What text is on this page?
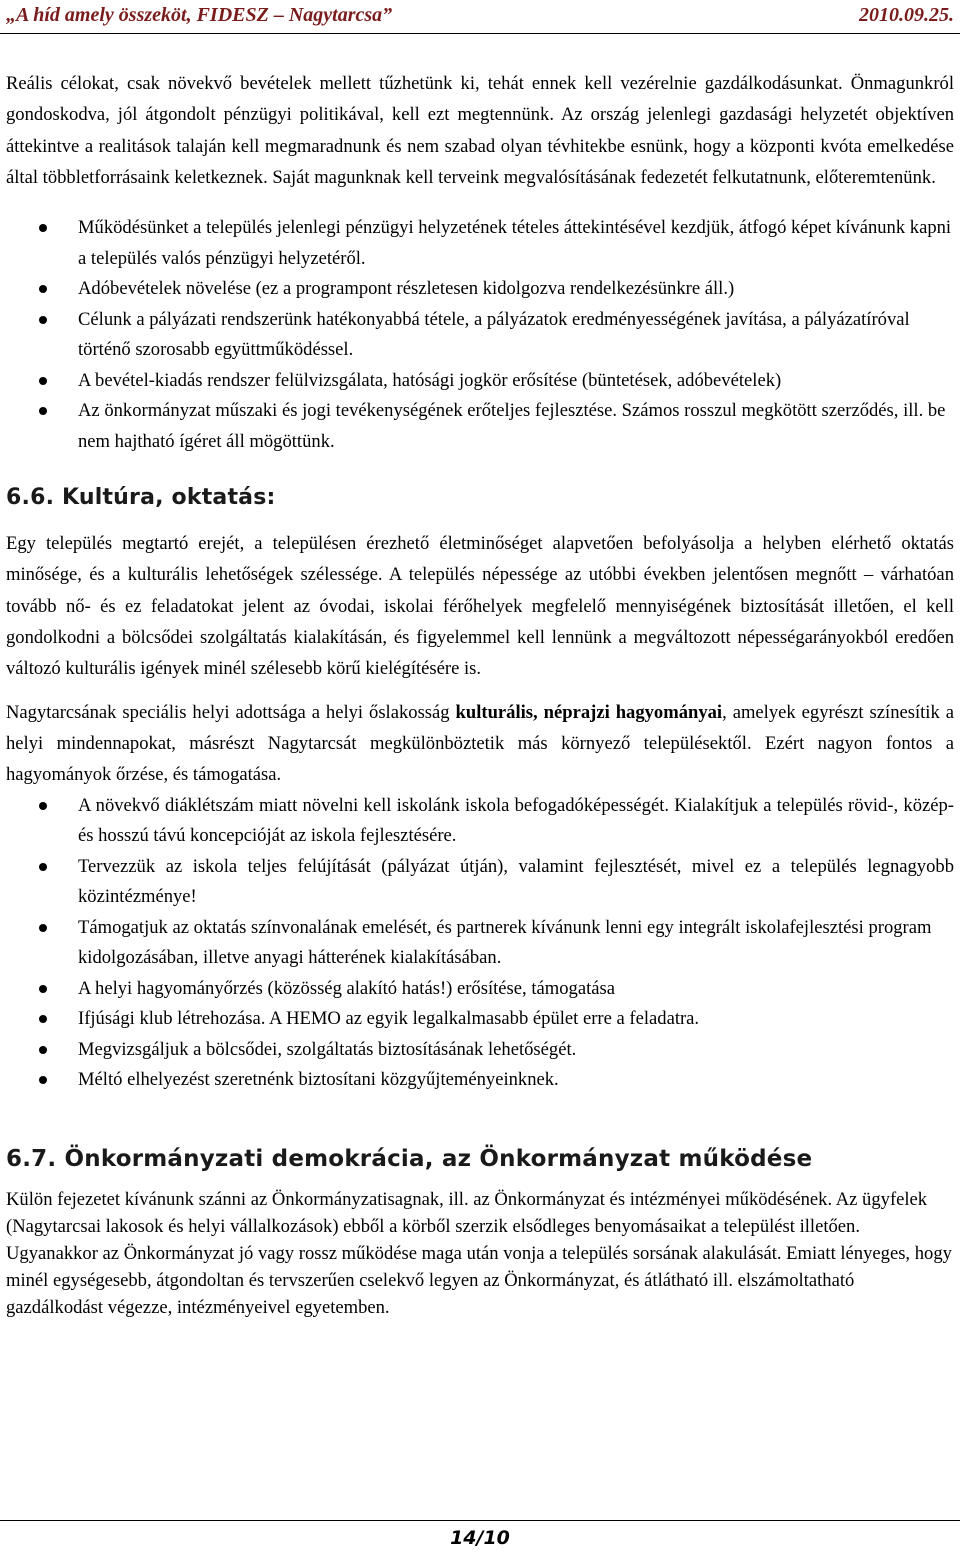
„A híd amely összeköt, FIDESZ – Nagytarcsa”	2010.09.25.

Reális célokat, csak növekvő bevételek mellett tűzhetünk ki, tehát ennek kell vezérelnie gazdálkodásunkat. Önmagunkról gondoskodva, jól átgondolt pénzügyi politikával, kell ezt megtennünk. Az ország jelenlegi gazdasági helyzetét objektíven áttekintve a realitások talaján kell megmaradnunk és nem szabad olyan tévhitekbe esnünk, hogy a központi kvóta emelkedése által többletforrásaink keletkeznek. Saját magunknak kell terveink megvalósításának fedezetét felkutatnunk, előteremtenünk.

Működésünket a település jelenlegi pénzügyi helyzetének tételes áttekintésével kezdjük, átfogó képet kívánunk kapni a település valós pénzügyi helyzetéről.
Adóbevételek növelése (ez a programpont részletesen kidolgozva rendelkezésünkre áll.)
Célunk a pályázati rendszerünk hatékonyabbá tétele, a pályázatok eredményességének javítása, a pályázatíróval történő szorosabb együttműködéssel.
A bevétel-kiadás rendszer felülvizsgálata, hatósági jogkör erősítése (büntetések, adóbevételek)
Az önkormányzat műszaki és jogi tevékenységének erőteljes fejlesztése. Számos rosszul megkötött szerződés, ill. be nem hajtható ígéret áll mögöttünk.
6.6. Kultúra, oktatás:

Egy település megtartó erejét, a településen érezhető életminőséget alapvetően befolyásolja a helyben elérhető oktatás minősége, és a kulturális lehetőségek szélessége. A település népessége az utóbbi években jelentősen megnőtt – várhatóan tovább nő- és ez feladatokat jelent az óvodai, iskolai férőhelyek megfelelő mennyiségének biztosítását illetően, el kell gondolkodni a bölcsődei szolgáltatás kialakításán, és figyelemmel kell lennünk a megváltozott népességarányokból eredően változó kulturális igények minél szélesebb körű kielégítésére is.

Nagytarcsának speciális helyi adottsága a helyi őslakosság kulturális, néprajzi hagyományai, amelyek egyrészt színesítik a helyi mindennapokat, másrészt Nagytarcsát megkülönböztetik más környező településektől. Ezért nagyon fontos a hagyományok őrzése, és támogatása.

A növekvő diáklétszám miatt növelni kell iskolánk iskola befogadóképességét. Kialakítjuk a település rövid-, közép- és hosszú távú koncepcióját az iskola fejlesztésére.
Tervezzük az iskola teljes felújítását (pályázat útján), valamint fejlesztését, mivel ez a település legnagyobb közintézménye!
Támogatjuk az oktatás színvonalának emelését, és partnerek kívánunk lenni egy integrált iskolafejlesztési program kidolgozásában, illetve anyagi hátterének kialakításában.
A helyi hagyományőrzés (közösség alakító hatás!) erősítése, támogatása
Ifjúsági klub létrehozása. A HEMO az egyik legalkalmasabb épület erre a feladatra.
Megvizsgáljuk a bölcsődei, szolgáltatás biztosításának lehetőségét.
Méltó elhelyezést szeretnénk biztosítani közgyűjteményeinknek.
6.7. Önkormányzati demokrácia, az Önkormányzat működése

Külön fejezetet kívánunk szánni az Önkormányzatisagnak, ill. az Önkormányzat és intézményei működésének. Az ügyfelek (Nagytarcsai lakosok és helyi vállalkozások) ebből a körből szerzik elsődleges benyomásaikat a települést illetően. Ugyanakkor az Önkormányzat jó vagy rossz működése maga után vonja a település sorsának alakulását. Emiatt lényeges, hogy minél egységesebb, átgondoltan és tervszerűen cselekvő legyen az Önkormányzat, és átlátható ill. elszámoltatható gazdálkodást végezze, intézményeivel egyetemben.

14/10
